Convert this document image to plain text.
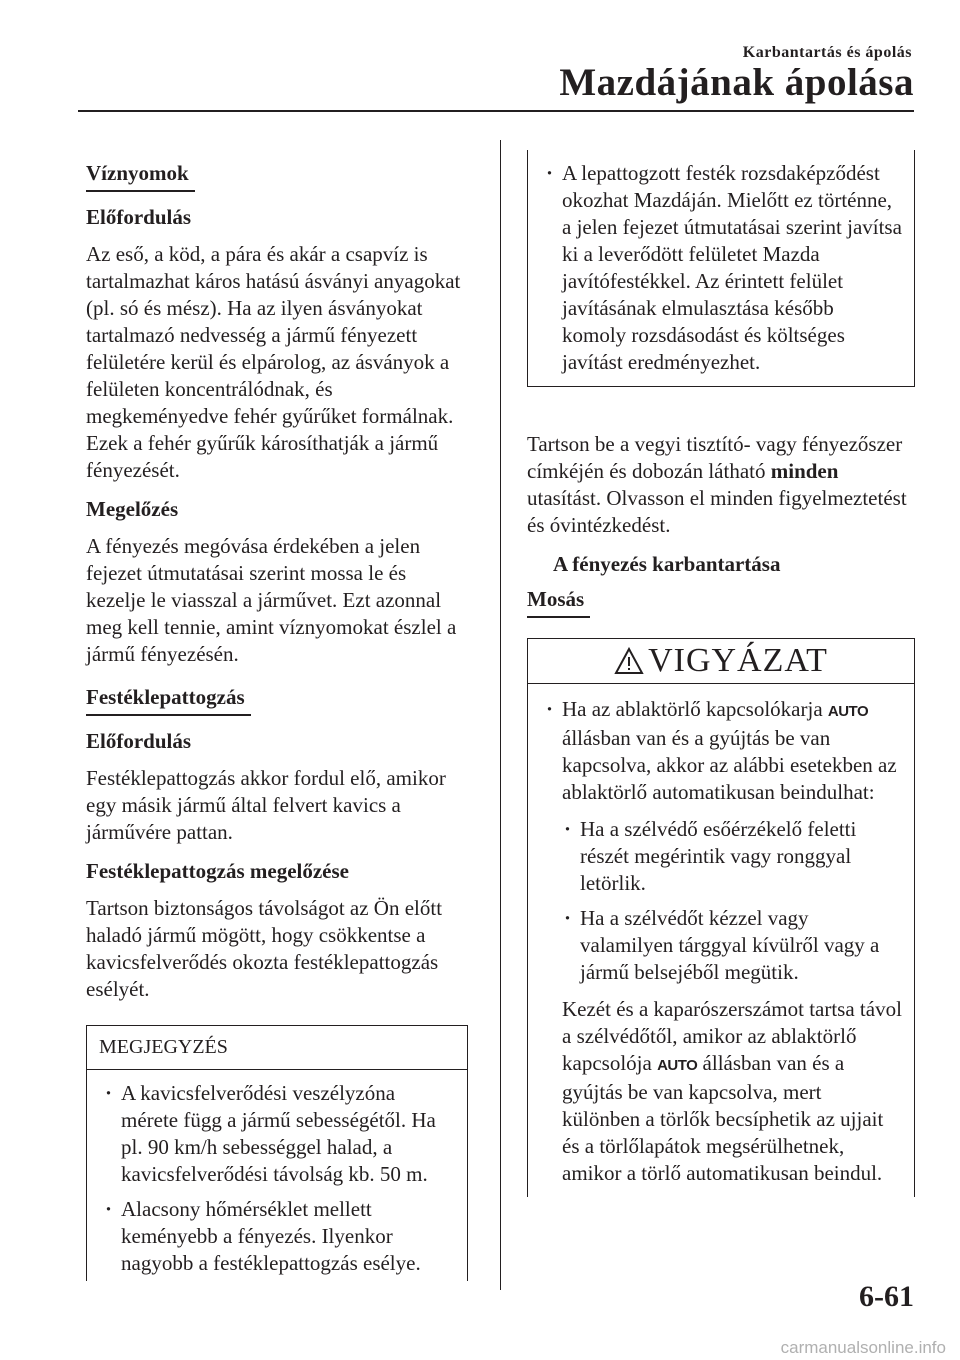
Karbantartás és ápolás
Mazdájának ápolása
Víznyomok

Előfordulás

Az eső, a köd, a pára és akár a csapvíz is tartalmazhat káros hatású ásványi anyagokat (pl. só és mész). Ha az ilyen ásványokat tartalmazó nedvesség a jármű fényezett felületére kerül és elpárolog, az ásványok a felületen koncentrálódnak, és megkeményedve fehér gyűrűket formálnak. Ezek a fehér gyűrűk károsíthatják a jármű fényezését.

Megelőzés

A fényezés megóvása érdekében a jelen fejezet útmutatásai szerint mossa le és kezelje le viasszal a járművet. Ezt azonnal meg kell tennie, amint víznyomokat észlel a jármű fényezésén.

Festéklepattogzás

Előfordulás

Festéklepattogzás akkor fordul elő, amikor egy másik jármű által felvert kavics a járművére pattan.

Festéklepattogzás megelőzése

Tartson biztonságos távolságot az Ön előtt haladó jármű mögött, hogy csökkentse a kavicsfelverődés okozta festéklepattogzás esélyét.

MEGJEGYZÉS

· A kavicsfelverődési veszélyzóna mérete függ a jármű sebességétől. Ha pl. 90 km/h sebességgel halad, a kavicsfelverődési távolság kb. 50 m.

· Alacsony hőmérséklet mellett keményebb a fényezés. Ilyenkor nagyobb a festéklepattogzás esélye.

· A lepattogzott festék rozsdaképződést okozhat Mazdáján. Mielőtt ez történne, a jelen fejezet útmutatásai szerint javítsa ki a leverődött felületet Mazda javítófestékkel. Az érintett felület javításának elmulasztása később komoly rozsdásodást és költséges javítást eredményezhet.

Tartson be a vegyi tisztító- vagy fényezőszer címkéjén és dobozán látható minden utasítást. Olvasson el minden figyelmeztetést és óvintézkedést.

A fényezés karbantartása

Mosás
VIGYÁZAT

· Ha az ablaktörlő kapcsolókarja AUTO állásban van és a gyújtás be van kapcsolva, akkor az alábbi esetekben az ablaktörlő automatikusan beindulhat:

· Ha a szélvédő esőérzékelő feletti részét megérintik vagy ronggyal letörlik.

· Ha a szélvédőt kézzel vagy valamilyen tárggyal kívülről vagy a jármű belsejéből megütik.

Kezét és a kaparószerszámot tartsa távol a szélvédőtől, amikor az ablaktörlő kapcsolója AUTO állásban van és a gyújtás be van kapcsolva, mert különben a törlők becsíphetik az ujjait és a törlőlapátok megsérülhetnek, amikor a törlő automatikusan beindul.

6-61
carmanualsonline.info
